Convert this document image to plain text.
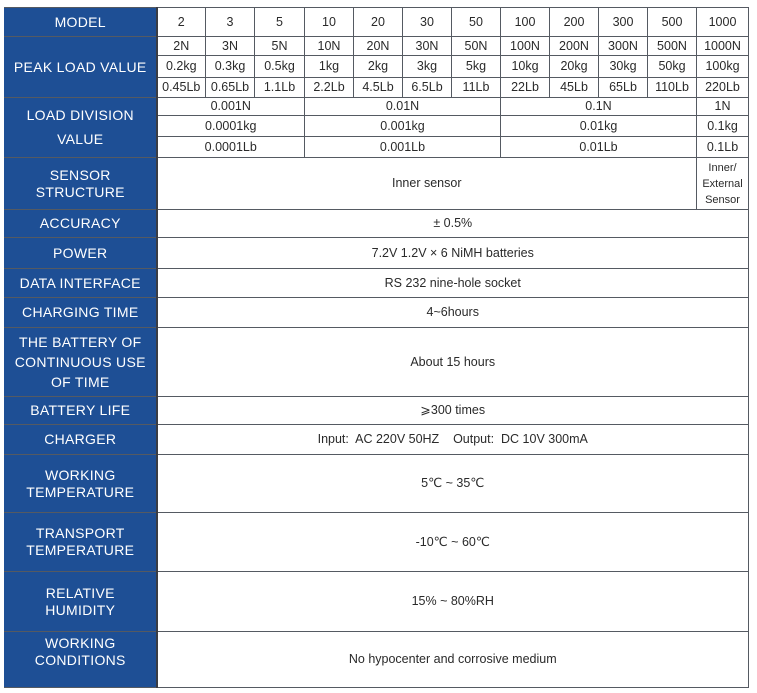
MODEL	2	3	5	10	20	30	50	100	200	300	500	1000
PEAK LOAD VALUE	2N	3N	5N	10N	20N	30N	50N	100N	200N	300N	500N	1000N
	0.2kg	0.3kg	0.5kg	1kg	2kg	3kg	5kg	10kg	20kg	30kg	50kg	100kg
	0.45Lb	0.65Lb	1.1Lb	2.2Lb	4.5Lb	6.5Lb	11Lb	22Lb	45Lb	65Lb	110Lb	220Lb

LOAD DIVISION
VALUE	0.001N			0.01N				0.1N				1N
	0.0001kg			0.001kg				0.01kg				0.1kg
	0.0001Lb			0.001Lb				0.01Lb				0.1Lb
SENSOR STRUCTURE	Inner sensor											Inner/
External
Sensor

ACCURACY	± 0.5%											
POWER	7.2V 1.2V × 6 NiMH batteries											
DATA INTERFACE	RS 232 nine-hole socket											
CHARGING TIME	4~6hours											

THE BATTERY OF
CONTINUOUS USE
OF TIME	About 15 hours											
BATTERY LIFE	⩾300 times											
CHARGER	Input:  AC 220V 50HZ    Output:  DC 10V 300mA											

WORKING
TEMPERATURE	5℃ ~ 35℃											

TRANSPORT
TEMPERATURE	-10℃ ~ 60℃											

RELATIVE
HUMIDITY	15% ~ 80%RH											

WORKING
CONDITIONS	No hypocenter and corrosive medium											
